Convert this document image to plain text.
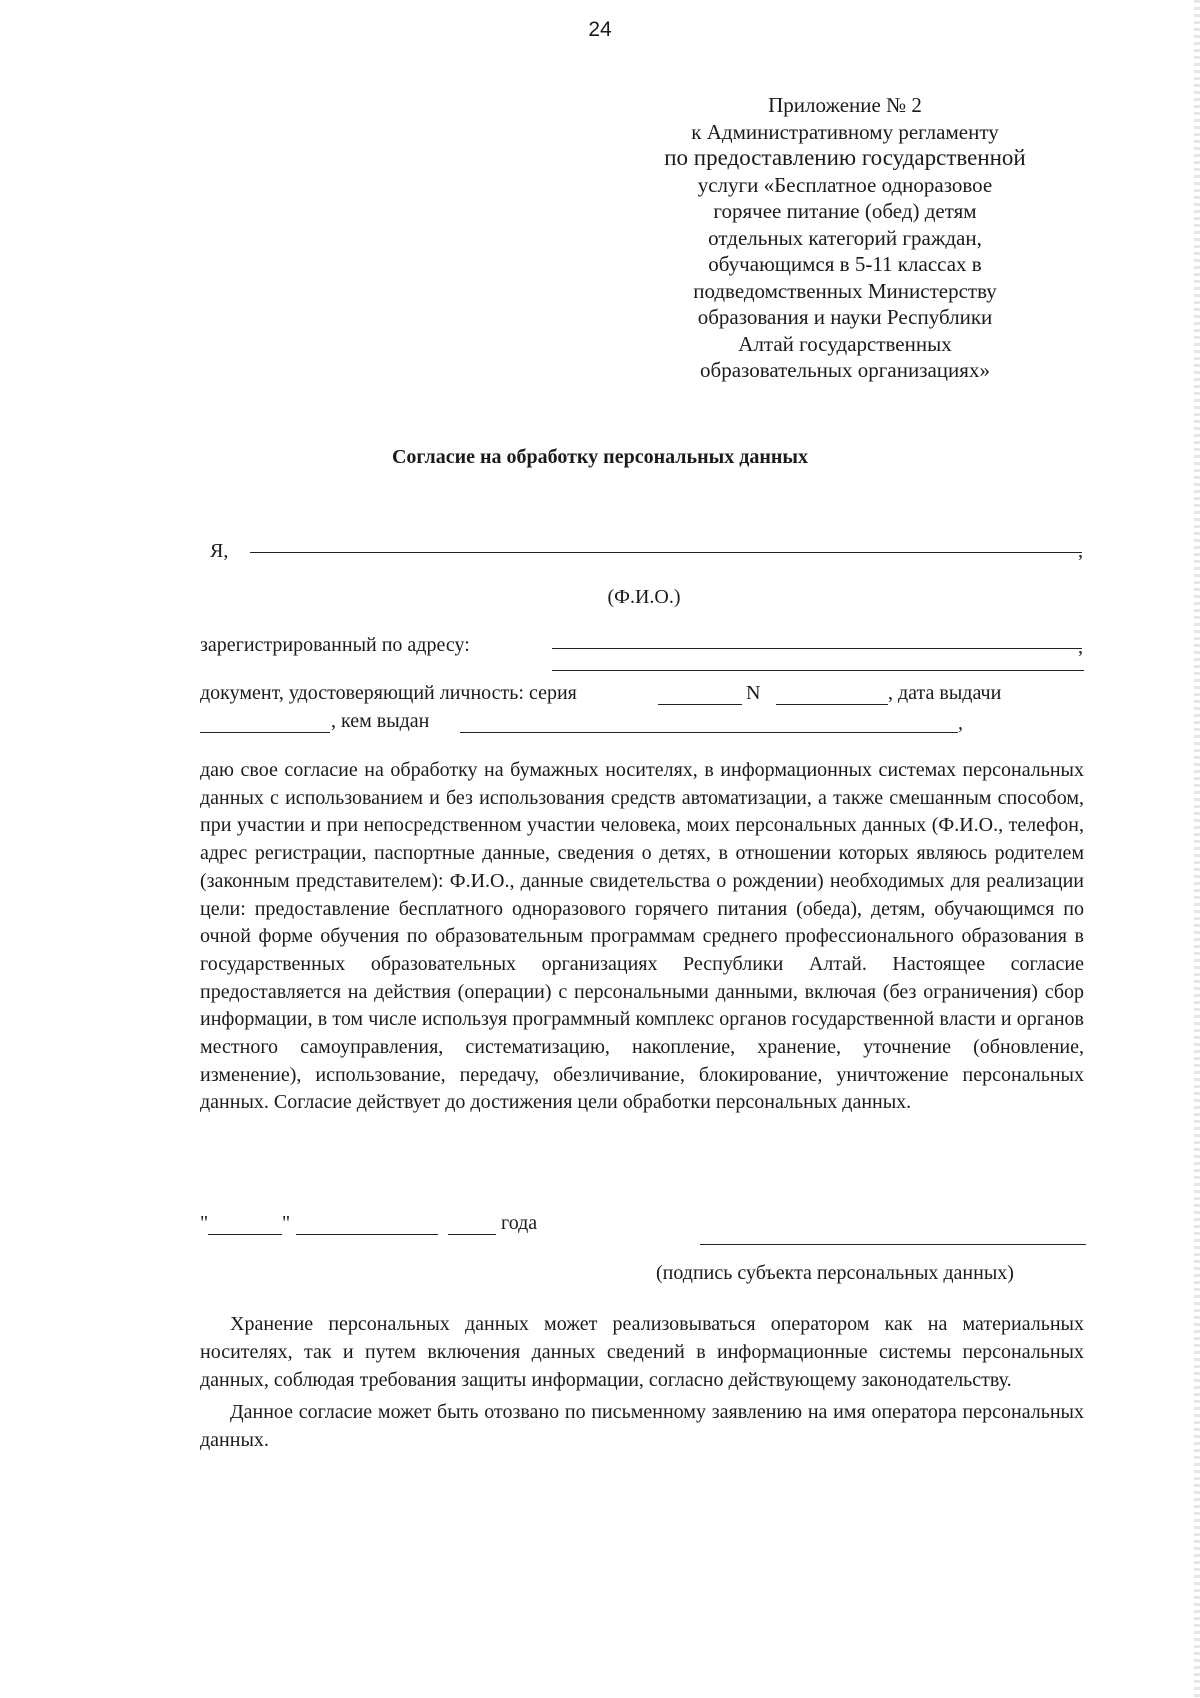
24
Приложение № 2
к Административному регламенту
по предоставлению государственной
услуги «Бесплатное одноразовое
горячее питание (обед) детям
отдельных категорий граждан,
обучающимся в 5-11 классах в
подведомственных Министерству
образования и науки Республики
Алтай государственных
образовательных организациях»
Согласие на обработку персональных данных
Я,	,
(Ф.И.О.)
зарегистрированный по адресу:	,
документ, удостоверяющий личность: серия	N	, дата выдачи
, кем выдан	,
даю свое согласие на обработку на бумажных носителях, в информационных системах персональных данных с использованием и без использования средств автоматизации, а также смешанным способом, при участии и при непосредственном участии человека, моих персональных данных (Ф.И.О., телефон, адрес регистрации, паспортные данные, сведения о детях, в отношении которых являюсь родителем (законным представителем): Ф.И.О., данные свидетельства о рождении) необходимых для реализации цели: предоставление бесплатного одноразового горячего питания (обеда), детям, обучающимся по очной форме обучения по образовательным программам среднего профессионального образования в государственных образовательных организациях Республики Алтай. Настоящее согласие предоставляется на действия (операции) с персональными данными, включая (без ограничения) сбор информации, в том числе используя программный комплекс органов государственной власти и органов местного самоуправления, систематизацию, накопление, хранение, уточнение (обновление, изменение), использование, передачу, обезличивание, блокирование, уничтожение персональных данных. Согласие действует до достижения цели обработки персональных данных.
"	"	года
(подпись субъекта персональных данных)

Хранение персональных данных может реализовываться оператором как на материальных носителях, так и путем включения данных сведений в информационные системы персональных данных, соблюдая требования защиты информации, согласно действующему законодательству.

Данное согласие может быть отозвано по письменному заявлению на имя оператора персональных данных.
